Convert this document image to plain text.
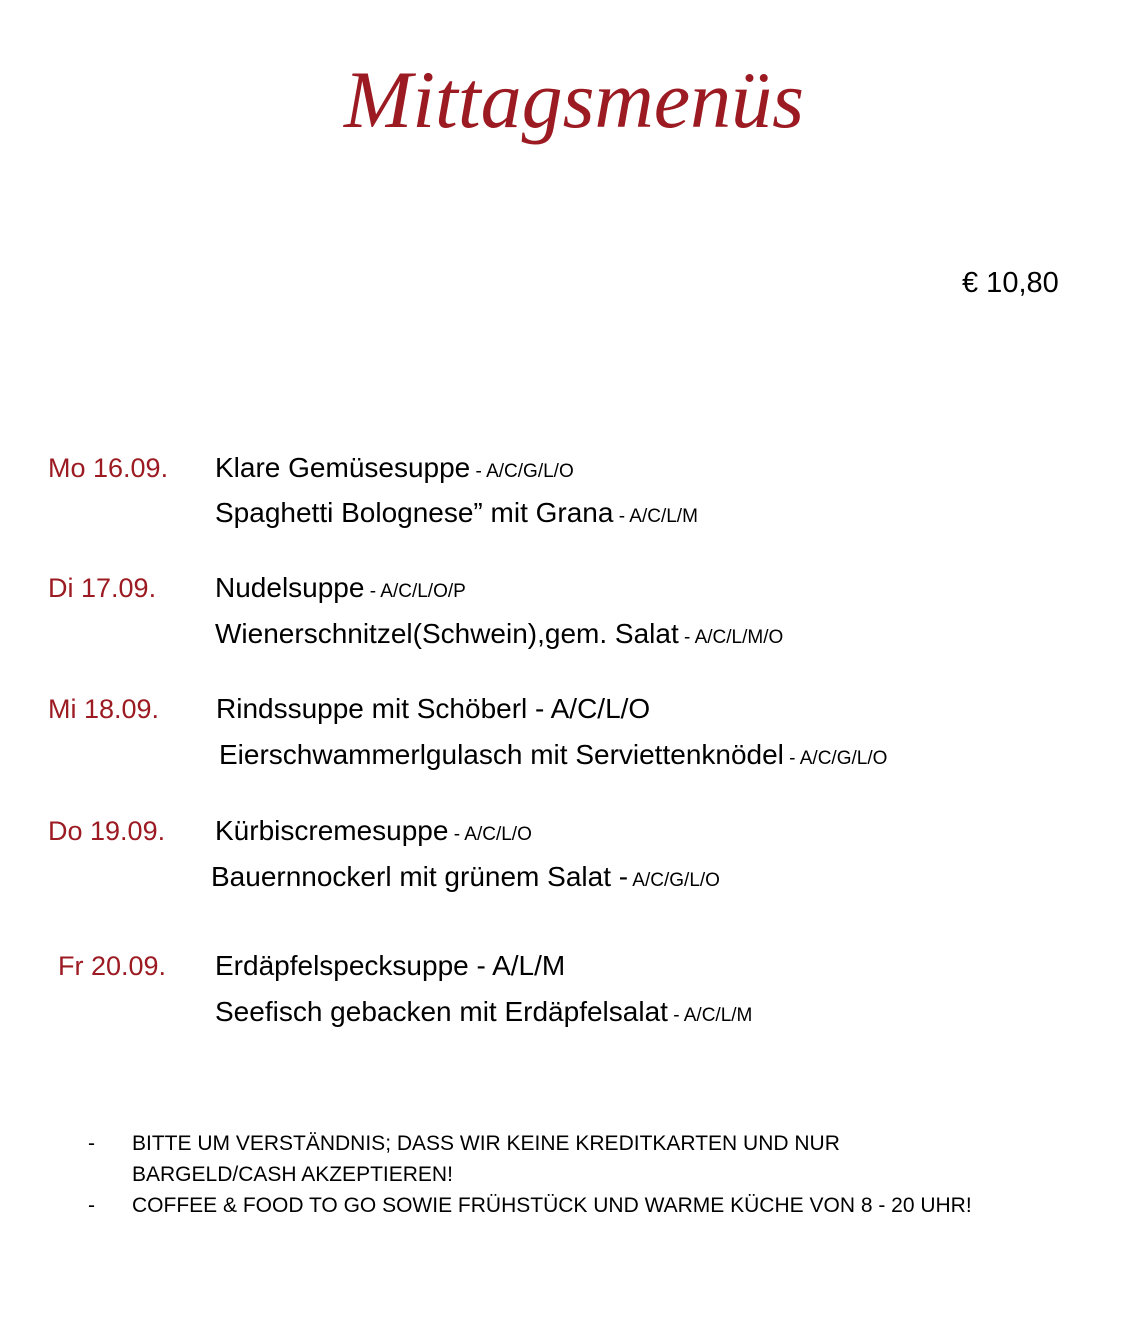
Mittagsmenüs
€ 10,80
Mo 16.09. Klare Gemüsesuppe - A/C/G/L/O
Spaghetti Bolognese” mit Grana - A/C/L/M
Di 17.09. Nudelsuppe - A/C/L/O/P
Wienerschnitzel(Schwein),gem. Salat - A/C/L/M/O
Mi 18.09. Rindssuppe mit Schöberl - A/C/L/O
Eierschwammerlgulasch mit Serviettenknödel - A/C/G/L/O
Do 19.09. Kürbiscremesuppe - A/C/L/O
Bauernnockerl mit grünem Salat - A/C/G/L/O
Fr 20.09. Erdäpfelspecksuppe - A/L/M
Seefisch gebacken mit Erdäpfelsalat - A/C/L/M
- BITTE UM VERSTÄNDNIS; DASS WIR KEINE KREDITKARTEN UND NUR
BARGELD/CASH AKZEPTIEREN!
- COFFEE & FOOD TO GO SOWIE FRÜHSTÜCK UND WARME KÜCHE VON 8 - 20 UHR!
